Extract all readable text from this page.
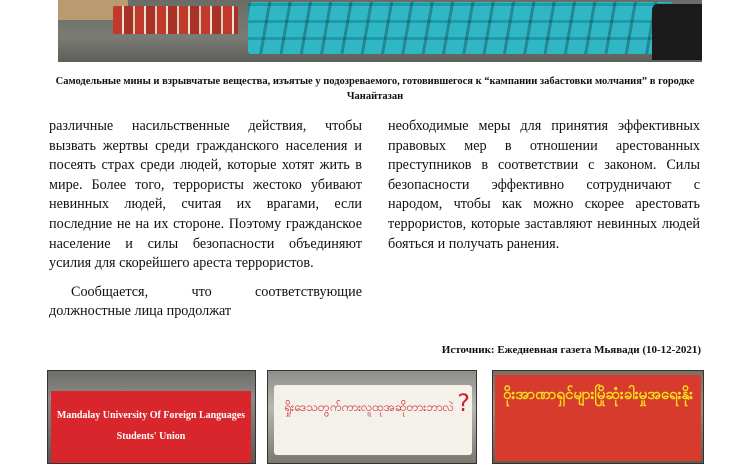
Самодельные мины и взрывчатые вещества, изъятые у подозреваемого, готовившегося к “кампании забастовки молчания” в городке Чанайтазан

различные насильственные действия, чтобы вызвать жертвы среди гражданского населения и посеять страх среди людей, которые хотят жить в мире. Более того, террористы жестоко убивают невинных людей, считая их врагами, если последние не на их стороне. Поэтому гражданское население и силы безопасности объединяют усилия для скорейшего ареста террористов.

Сообщается, что соответствующие должностные лица продолжат

необходимые меры для принятия эффективных правовых мер в отношении арестованных преступников в соответствии с законом. Силы безопасности эффективно сотрудничают с народом, чтобы как можно скорее арестовать террористов, которые заставляют невинных людей бояться и получать ранения.

Источник: Ежедневная газета Мьявади (10-12-2021)
Mandalay University Of Foreign Languages
Students' Union
ရှိုးဒေသတွက်ကားလူထုအဆိုတားဘာလဲ ?	ဝိုးအာဏာရှင်များမြိုဆုံးခါးမှုအရေးနိုး
